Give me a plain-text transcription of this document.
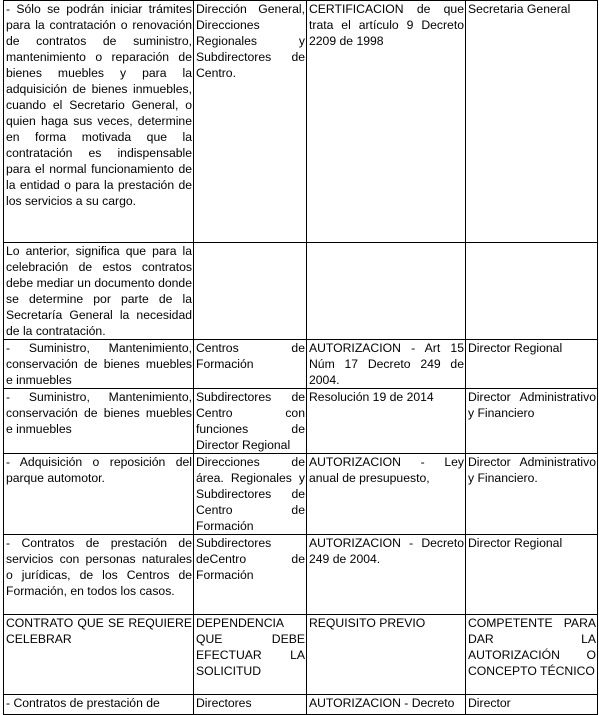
- Sólo se podrán iniciar trámites para la contratación o renovación de contratos de suministro, mantenimiento o reparación de bienes muebles y para la adquisición de bienes inmuebles, cuando el Secretario General, o quien haga sus veces, determine en forma motivada que la contratación es indispensable para el normal funcionamiento de la entidad o para la prestación de los servicios a su cargo.	Dirección General, Direcciones Regionales y Subdirectores de Centro.	CERTIFICACION de que trata el artículo 9 Decreto 2209 de 1998	Secretaria General
Lo anterior, significa que para la celebración de estos contratos debe mediar un documento donde se determine por parte de la Secretaría General la necesidad de la contratación.			
- Suministro, Mantenimiento, conservación de bienes muebles e inmuebles	Centros de Formación	AUTORIZACION - Art 15 Núm 17 Decreto 249 de 2004.	Director Regional
- Suministro, Mantenimiento, conservación de bienes muebles e inmuebles	Subdirectores de Centro con funciones de Director Regional	Resolución 19 de 2014	Director Administrativo y Financiero
- Adquisición o reposición del parque automotor.	Direcciones de área. Regionales y Subdirectores de Centro de Formación	AUTORIZACION - Ley anual de presupuesto,	Director Administrativo y Financiero.
- Contratos de prestación de servicios con personas naturales o jurídicas, de los Centros de Formación, en todos los casos.	Subdirectores deCentro de Formación	AUTORIZACION - Decreto 249 de 2004.	Director Regional
CONTRATO QUE SE REQUIERE CELEBRAR	DEPENDENCIA QUE DEBE EFECTUAR LA SOLICITUD	REQUISITO PREVIO	COMPETENTE PARA DAR LA AUTORIZACIÓN O CONCEPTO TÉCNICO
- Contratos de prestación de	Directores	AUTORIZACION - Decreto	Director
